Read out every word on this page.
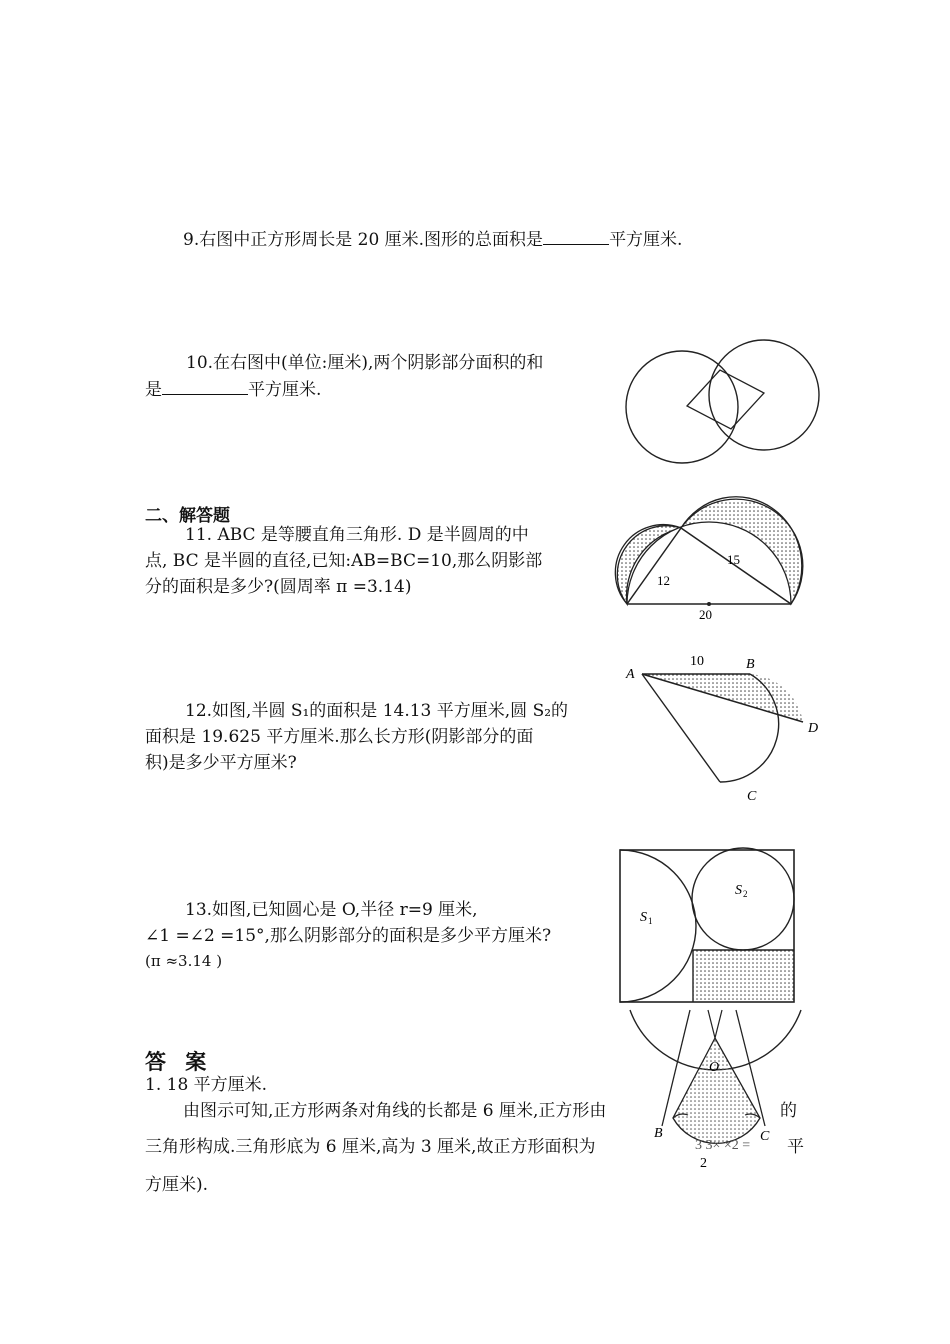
9.右图中正方形周长是 20 厘米.图形的总面积是	平方厘米.
10.在右图中(单位:厘米),两个阴影部分面积的和
是	平方厘米.
二、解答题
11. ABC 是等腰直角三角形. D 是半圆周的中
点, BC 是半圆的直径,已知:AB=BC=10,那么阴影部
分的面积是多少?(圆周率 π =3.14)	12
15
20
A
10	B
D
C
12.如图,半圆 S₁的面积是 14.13 平方厘米,圆 S₂的
面积是 19.625 平方厘米.那么长方形(阴影部分的面
积)是多少平方厘米?
S 1
S 2
13.如图,已知圆心是 O,半径 r=9 厘米,
∠1 =∠2 =15°,那么阴影部分的面积是多少平方厘米?
(π ≈3.14 )
答 案
1. 18 平方厘米.
由图示可知,正方形两条对角线的长都是 6 厘米,正方形由	的
三角形构成.三角形底为 6 厘米,高为 3 厘米,故正方形面积为	平
方厘米).
O
B	C
3 3× ×2 =
2
